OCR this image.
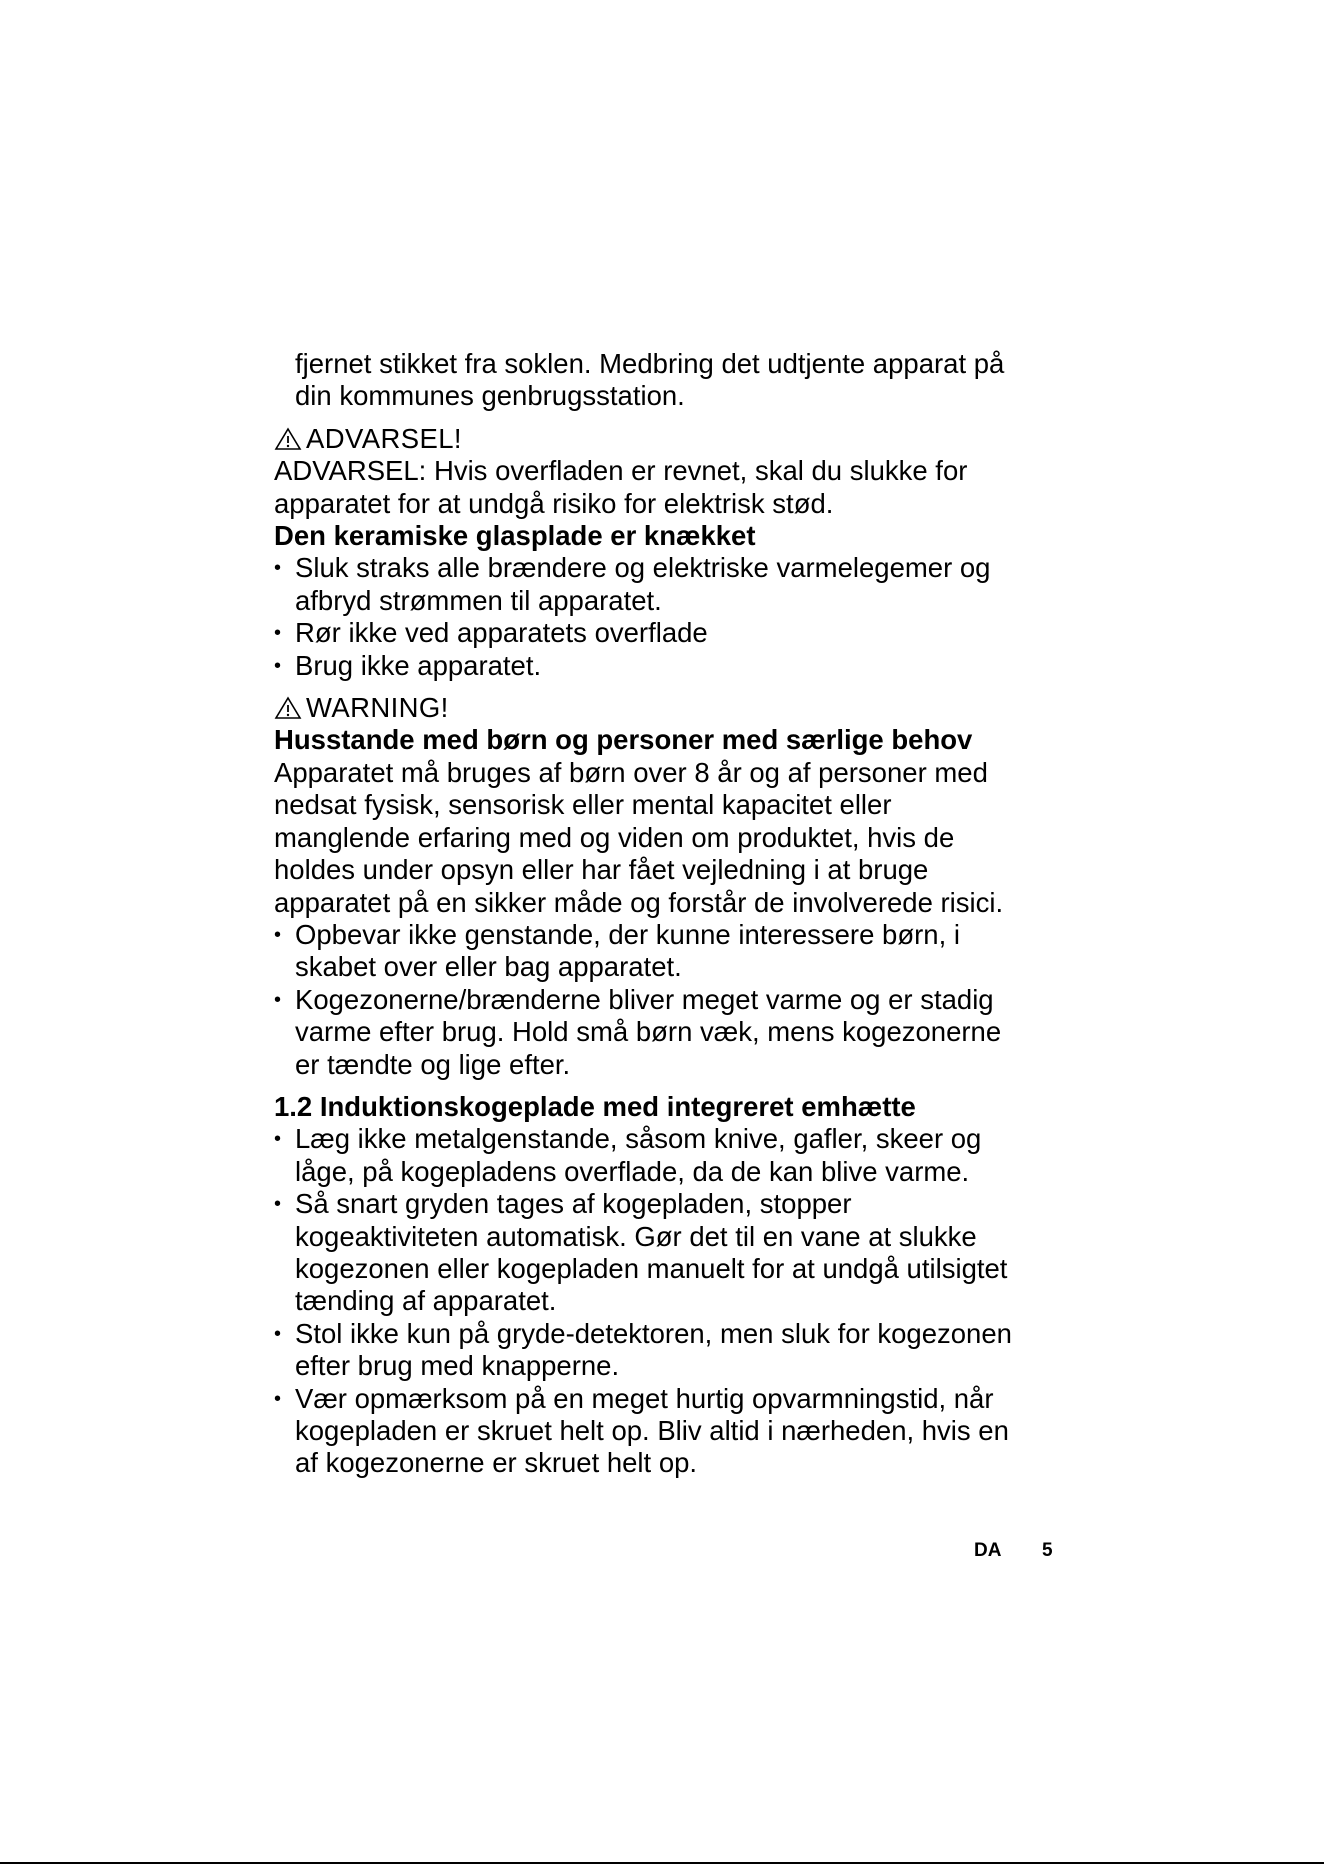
fjernet stikket fra soklen. Medbring det udtjente apparat på
din kommunes genbrugsstation.
ADVARSEL!

ADVARSEL: Hvis overfladen er revnet, skal du slukke for
apparatet for at undgå risiko for elektrisk stød.

Den keramiske glasplade er knækket

• Sluk straks alle brændere og elektriske varmelegemer og
afbryd strømmen til apparatet.
• Rør ikke ved apparatets overflade
• Brug ikke apparatet.
WARNING!

Husstande med børn og personer med særlige behov

Apparatet må bruges af børn over 8 år og af personer med
nedsat fysisk, sensorisk eller mental kapacitet eller
manglende erfaring med og viden om produktet, hvis de
holdes under opsyn eller har fået vejledning i at bruge
apparatet på en sikker måde og forstår de involverede risici.

• Opbevar ikke genstande, der kunne interessere børn, i
skabet over eller bag apparatet.
• Kogezonerne/brænderne bliver meget varme og er stadig
varme efter brug. Hold små børn væk, mens kogezonerne
er tændte og lige efter.

1.2 Induktionskogeplade med integreret emhætte

• Læg ikke metalgenstande, såsom knive, gafler, skeer og
låge, på kogepladens overflade, da de kan blive varme.
• Så snart gryden tages af kogepladen, stopper
kogeaktiviteten automatisk. Gør det til en vane at slukke
kogezonen eller kogepladen manuelt for at undgå utilsigtet
tænding af apparatet.
• Stol ikke kun på gryde-detektoren, men sluk for kogezonen
efter brug med knapperne.
• Vær opmærksom på en meget hurtig opvarmningstid, når
kogepladen er skruet helt op. Bliv altid i nærheden, hvis en
af kogezonerne er skruet helt op.
DA	5
